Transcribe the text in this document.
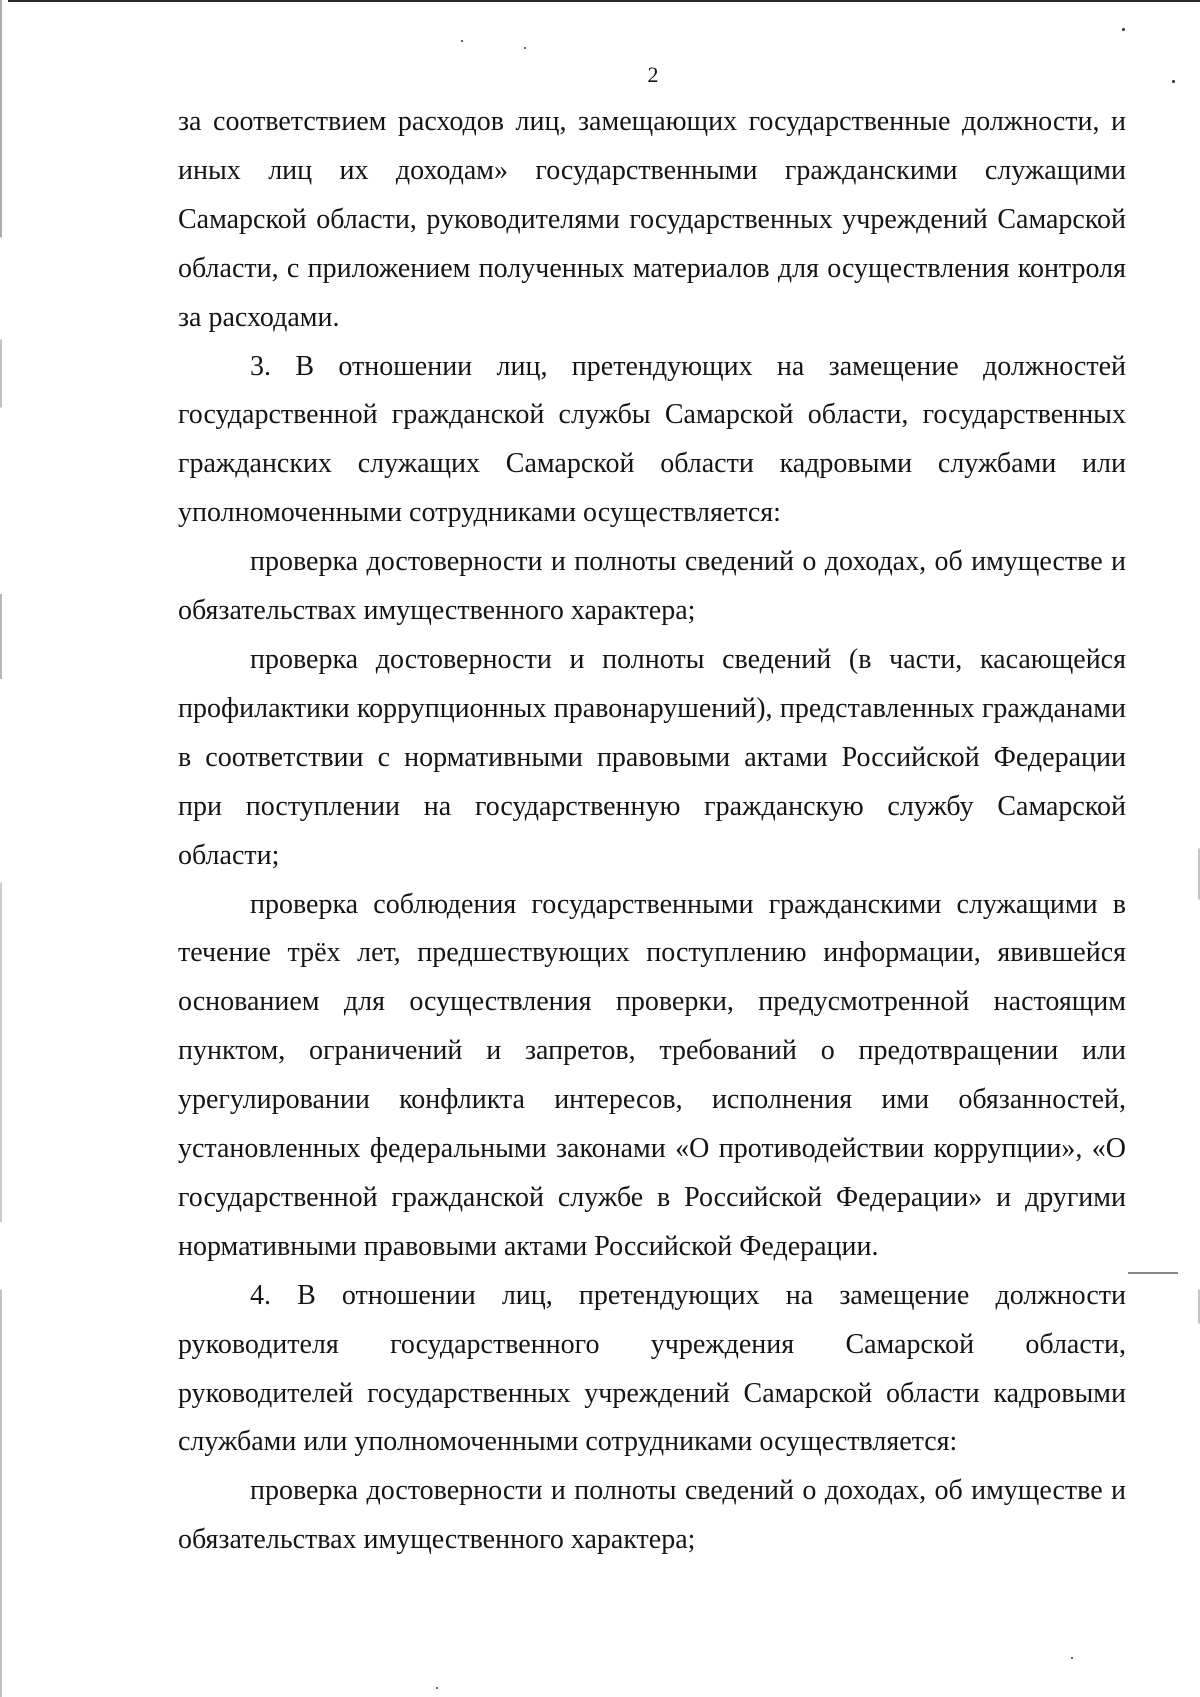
2

за соответствием расходов лиц, замещающих государственные должности, и иных лиц их доходам» государственными гражданскими служащими Самарской области, руководителями государственных учреждений Самарской области, с приложением полученных материалов для осуществления контроля за расходами.

3. В отношении лиц, претендующих на замещение должностей государственной гражданской службы Самарской области, государственных гражданских служащих Самарской области кадровыми службами или уполномоченными сотрудниками осуществляется:

проверка достоверности и полноты сведений о доходах, об имуществе и обязательствах имущественного характера;

проверка достоверности и полноты сведений (в части, касающейся профилактики коррупционных правонарушений), представленных гражданами в соответствии с нормативными правовыми актами Российской Федерации при поступлении на государственную гражданскую службу Самарской области;

проверка соблюдения государственными гражданскими служащими в течение трёх лет, предшествующих поступлению информации, явившейся основанием для осуществления проверки, предусмотренной настоящим пунктом, ограничений и запретов, требований о предотвращении или урегулировании конфликта интересов, исполнения ими обязанностей, установленных федеральными законами «О противодействии коррупции», «О государственной гражданской службе в Российской Федерации» и другими нормативными правовыми актами Российской Федерации.

4. В отношении лиц, претендующих на замещение должности руководителя государственного учреждения Самарской области, руководителей государственных учреждений Самарской области кадровыми службами или уполномоченными сотрудниками осуществляется:

проверка достоверности и полноты сведений о доходах, об имуществе и обязательствах имущественного характера;
